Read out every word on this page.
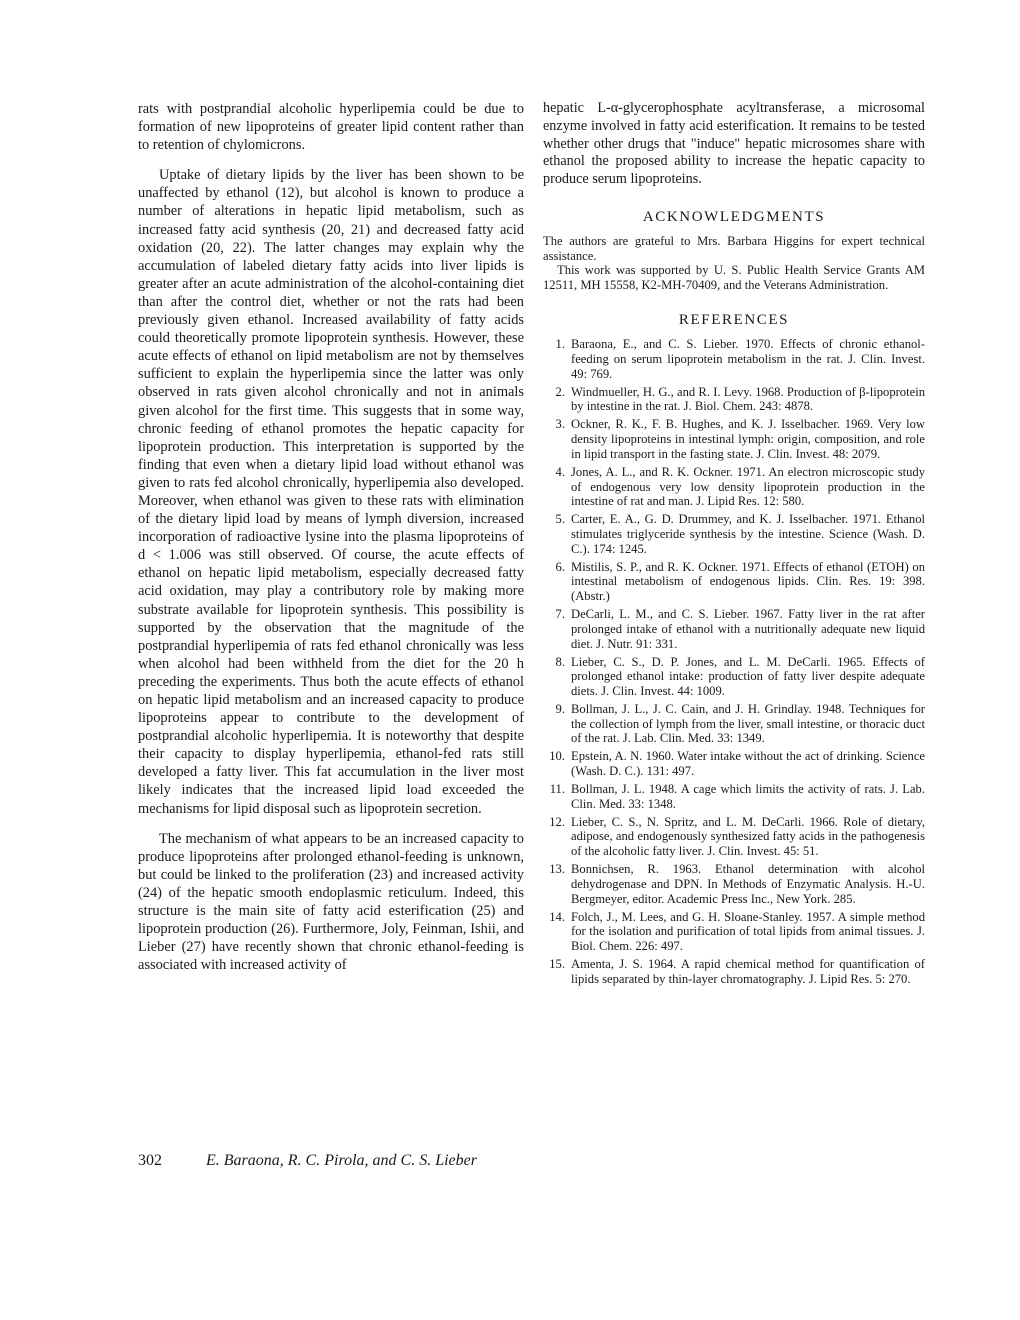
rats with postprandial alcoholic hyperlipemia could be due to formation of new lipoproteins of greater lipid content rather than to retention of chylomicrons.

Uptake of dietary lipids by the liver has been shown to be unaffected by ethanol (12), but alcohol is known to produce a number of alterations in hepatic lipid metabolism, such as increased fatty acid synthesis (20, 21) and decreased fatty acid oxidation (20, 22). The latter changes may explain why the accumulation of labeled dietary fatty acids into liver lipids is greater after an acute administration of the alcohol-containing diet than after the control diet, whether or not the rats had been previously given ethanol. Increased availability of fatty acids could theoretically promote lipoprotein synthesis. However, these acute effects of ethanol on lipid metabolism are not by themselves sufficient to explain the hyperlipemia since the latter was only observed in rats given alcohol chronically and not in animals given alcohol for the first time. This suggests that in some way, chronic feeding of ethanol promotes the hepatic capacity for lipoprotein production. This interpretation is supported by the finding that even when a dietary lipid load without ethanol was given to rats fed alcohol chronically, hyperlipemia also developed. Moreover, when ethanol was given to these rats with elimination of the dietary lipid load by means of lymph diversion, increased incorporation of radioactive lysine into the plasma lipoproteins of d < 1.006 was still observed. Of course, the acute effects of ethanol on hepatic lipid metabolism, especially decreased fatty acid oxidation, may play a contributory role by making more substrate available for lipoprotein synthesis. This possibility is supported by the observation that the magnitude of the postprandial hyperlipemia of rats fed ethanol chronically was less when alcohol had been withheld from the diet for the 20 h preceding the experiments. Thus both the acute effects of ethanol on hepatic lipid metabolism and an increased capacity to produce lipoproteins appear to contribute to the development of postprandial alcoholic hyperlipemia. It is noteworthy that despite their capacity to display hyperlipemia, ethanol-fed rats still developed a fatty liver. This fat accumulation in the liver most likely indicates that the increased lipid load exceeded the mechanisms for lipid disposal such as lipoprotein secretion.

The mechanism of what appears to be an increased capacity to produce lipoproteins after prolonged ethanol-feeding is unknown, but could be linked to the proliferation (23) and increased activity (24) of the hepatic smooth endoplasmic reticulum. Indeed, this structure is the main site of fatty acid esterification (25) and lipoprotein production (26). Furthermore, Joly, Feinman, Ishii, and Lieber (27) have recently shown that chronic ethanol-feeding is associated with increased activity of

hepatic L-α-glycerophosphate acyltransferase, a microsomal enzyme involved in fatty acid esterification. It remains to be tested whether other drugs that "induce" hepatic microsomes share with ethanol the proposed ability to increase the hepatic capacity to produce serum lipoproteins.

ACKNOWLEDGMENTS

The authors are grateful to Mrs. Barbara Higgins for expert technical assistance.

This work was supported by U. S. Public Health Service Grants AM 12511, MH 15558, K2-MH-70409, and the Veterans Administration.

REFERENCES
1. Baraona, E., and C. S. Lieber. 1970. Effects of chronic ethanol-feeding on serum lipoprotein metabolism in the rat. J. Clin. Invest. 49: 769.
2. Windmueller, H. G., and R. I. Levy. 1968. Production of β-lipoprotein by intestine in the rat. J. Biol. Chem. 243: 4878.
3. Ockner, R. K., F. B. Hughes, and K. J. Isselbacher. 1969. Very low density lipoproteins in intestinal lymph: origin, composition, and role in lipid transport in the fasting state. J. Clin. Invest. 48: 2079.
4. Jones, A. L., and R. K. Ockner. 1971. An electron microscopic study of endogenous very low density lipoprotein production in the intestine of rat and man. J. Lipid Res. 12: 580.
5. Carter, E. A., G. D. Drummey, and K. J. Isselbacher. 1971. Ethanol stimulates triglyceride synthesis by the intestine. Science (Wash. D. C.). 174: 1245.
6. Mistilis, S. P., and R. K. Ockner. 1971. Effects of ethanol (ETOH) on intestinal metabolism of endogenous lipids. Clin. Res. 19: 398. (Abstr.)
7. DeCarli, L. M., and C. S. Lieber. 1967. Fatty liver in the rat after prolonged intake of ethanol with a nutritionally adequate new liquid diet. J. Nutr. 91: 331.
8. Lieber, C. S., D. P. Jones, and L. M. DeCarli. 1965. Effects of prolonged ethanol intake: production of fatty liver despite adequate diets. J. Clin. Invest. 44: 1009.
9. Bollman, J. L., J. C. Cain, and J. H. Grindlay. 1948. Techniques for the collection of lymph from the liver, small intestine, or thoracic duct of the rat. J. Lab. Clin. Med. 33: 1349.
10. Epstein, A. N. 1960. Water intake without the act of drinking. Science (Wash. D. C.). 131: 497.
11. Bollman, J. L. 1948. A cage which limits the activity of rats. J. Lab. Clin. Med. 33: 1348.
12. Lieber, C. S., N. Spritz, and L. M. DeCarli. 1966. Role of dietary, adipose, and endogenously synthesized fatty acids in the pathogenesis of the alcoholic fatty liver. J. Clin. Invest. 45: 51.
13. Bonnichsen, R. 1963. Ethanol determination with alcohol dehydrogenase and DPN. In Methods of Enzymatic Analysis. H.-U. Bergmeyer, editor. Academic Press Inc., New York. 285.
14. Folch, J., M. Lees, and G. H. Sloane-Stanley. 1957. A simple method for the isolation and purification of total lipids from animal tissues. J. Biol. Chem. 226: 497.
15. Amenta, J. S. 1964. A rapid chemical method for quantification of lipids separated by thin-layer chromatography. J. Lipid Res. 5: 270.
302	E. Baraona, R. C. Pirola, and C. S. Lieber
